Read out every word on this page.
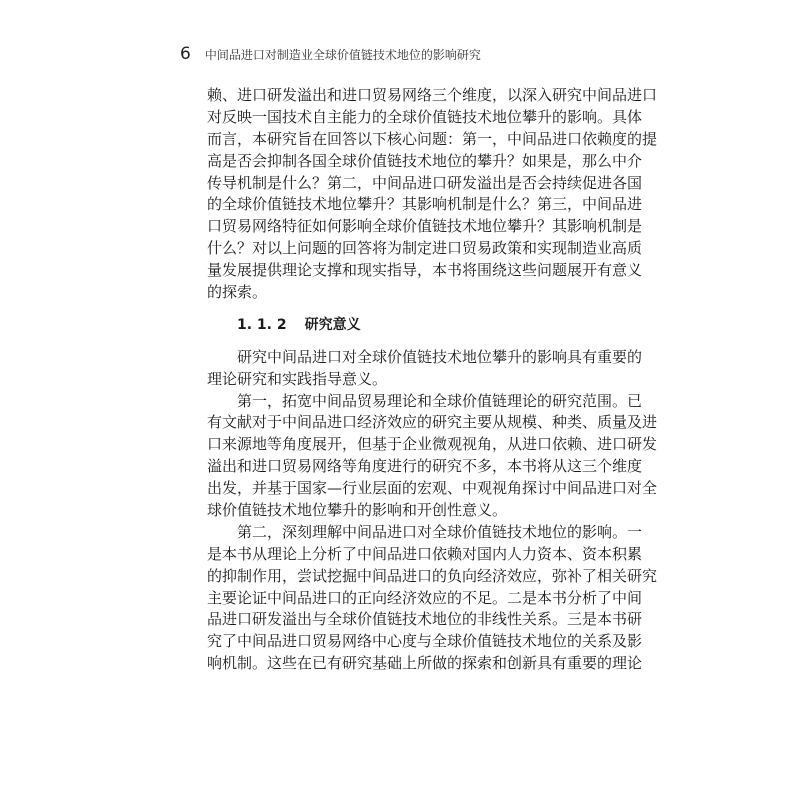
6 中间品进口对制造业全球价值链技术地位的影响研究
赖、进口研发溢出和进口贸易网络三个维度，以深入研究中间品进口
对反映一国技术自主能力的全球价值链技术地位攀升的影响。具体
而言，本研究旨在回答以下核心问题：第一，中间品进口依赖度的提
高是否会抑制各国全球价值链技术地位的攀升？如果是，那么中介
传导机制是什么？第二，中间品进口研发溢出是否会持续促进各国
的全球价值链技术地位攀升？其影响机制是什么？第三，中间品进
口贸易网络特征如何影响全球价值链技术地位攀升？其影响机制是
什么？对以上问题的回答将为制定进口贸易政策和实现制造业高质
量发展提供理论支撑和现实指导，本书将围绕这些问题展开有意义
的探索。
1. 1. 2 研究意义
研究中间品进口对全球价值链技术地位攀升的影响具有重要的
理论研究和实践指导意义。
第一，拓宽中间品贸易理论和全球价值链理论的研究范围。已
有文献对于中间品进口经济效应的研究主要从规模、种类、质量及进
口来源地等角度展开，但基于企业微观视角，从进口依赖、进口研发
溢出和进口贸易网络等角度进行的研究不多，本书将从这三个维度
出发，并基于国家—行业层面的宏观、中观视角探讨中间品进口对全
球价值链技术地位攀升的影响和开创性意义。
第二，深刻理解中间品进口对全球价值链技术地位的影响。一
是本书从理论上分析了中间品进口依赖对国内人力资本、资本积累
的抑制作用，尝试挖掘中间品进口的负向经济效应，弥补了相关研究
主要论证中间品进口的正向经济效应的不足。二是本书分析了中间
品进口研发溢出与全球价值链技术地位的非线性关系。三是本书研
究了中间品进口贸易网络中心度与全球价值链技术地位的关系及影
响机制。这些在已有研究基础上所做的探索和创新具有重要的理论
